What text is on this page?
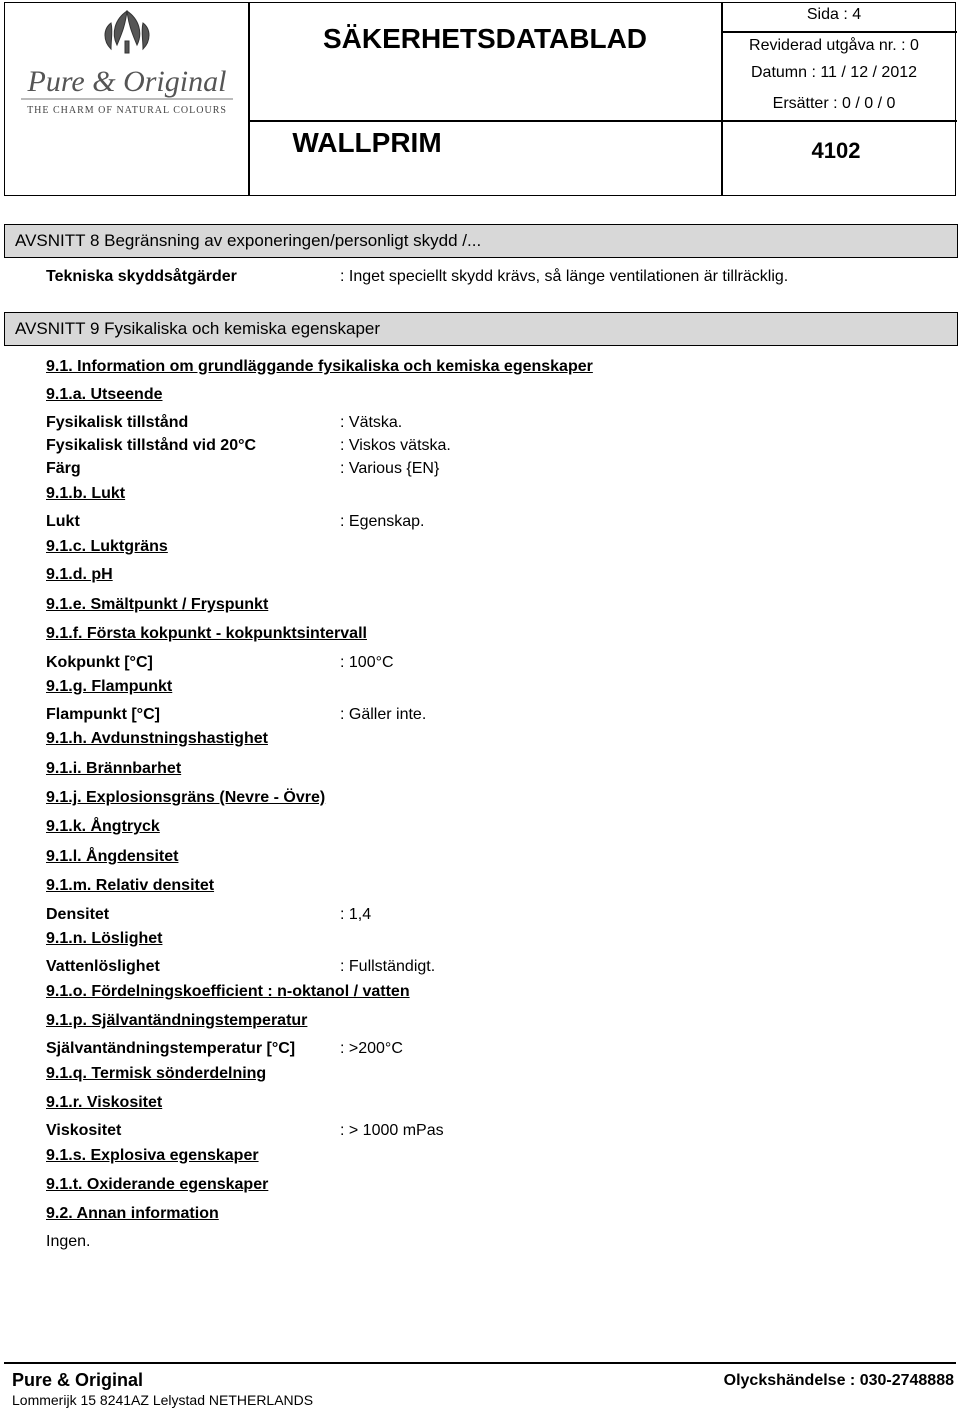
Pure & Original
THE CHARM OF NATURAL COLOURS
SÄKERHETSDATABLAD
WALLPRIM
Sida : 4
Reviderad utgåva nr. : 0
Datumn : 11 / 12 / 2012
Ersätter : 0 / 0 / 0
4102
AVSNITT 8 Begränsning av exponeringen/personligt skydd /...
Tekniska skyddsåtgärder	: Inget speciellt skydd krävs, så länge ventilationen är tillräcklig.
AVSNITT 9 Fysikaliska och kemiska egenskaper
9.1. Information om grundläggande fysikaliska och kemiska egenskaper
9.1.a. Utseende
Fysikalisk tillstånd	: Vätska.
Fysikalisk tillstånd vid 20°C	: Viskos vätska.
Färg	: Various {EN}
9.1.b. Lukt
Lukt	: Egenskap.
9.1.c. Luktgräns
9.1.d. pH
9.1.e. Smältpunkt / Fryspunkt
9.1.f. Första kokpunkt - kokpunktsintervall
Kokpunkt [°C]	: 100°C
9.1.g. Flampunkt
Flampunkt [°C]	: Gäller inte.
9.1.h. Avdunstningshastighet
9.1.i. Brännbarhet
9.1.j. Explosionsgräns (Nevre - Övre)
9.1.k. Ångtryck
9.1.l. Ångdensitet
9.1.m. Relativ densitet
Densitet	: 1,4
9.1.n. Löslighet
Vattenlöslighet	: Fullständigt.
9.1.o. Fördelningskoefficient : n-oktanol / vatten
9.1.p. Självantändningstemperatur
Självantändningstemperatur [°C]	: >200°C
9.1.q. Termisk sönderdelning
9.1.r. Viskositet
Viskositet	: > 1000 mPas
9.1.s. Explosiva egenskaper
9.1.t. Oxiderande egenskaper
9.2. Annan information
Ingen.
Pure & Original
Lommerijk 15 8241AZ Lelystad NETHERLANDS
Olyckshändelse : 030-2748888
